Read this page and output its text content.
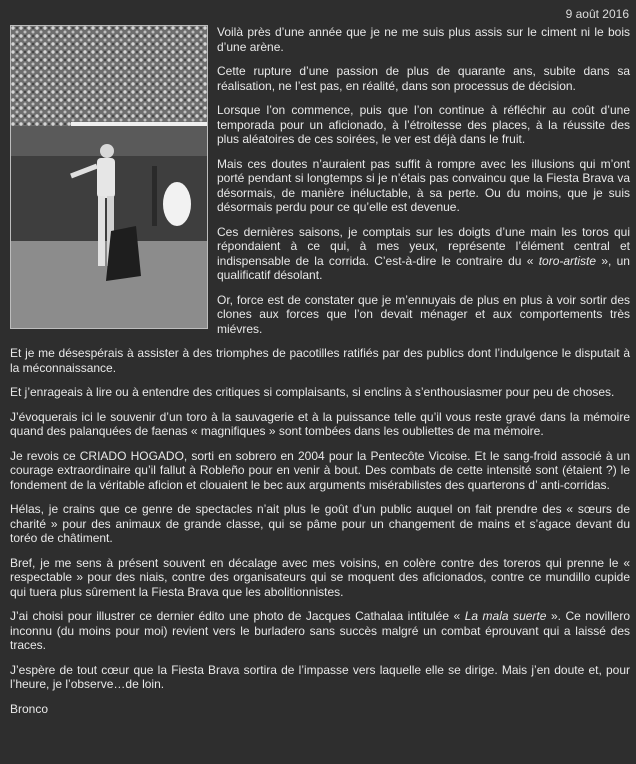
9 août 2016

Voilà près d’une année que je ne me suis plus assis sur le ciment ni le bois d’une arène.

Cette rupture d’une passion de plus de quarante ans, subite dans sa réalisation, ne l’est pas, en réalité, dans son processus de décision.

Lorsque l’on commence, puis que l’on continue à réfléchir au coût d’une temporada pour un aficionado, à l’étroitesse des places, à la réussite des plus aléatoires de ces soirées, le ver est déjà dans le fruit.

Mais ces doutes n’auraient pas suffit à rompre avec les illusions qui m’ont porté pendant si longtemps si je n’étais pas convaincu que la Fiesta Brava va désormais, de manière inéluctable, à sa perte. Ou du moins, que je suis désormais perdu pour ce qu’elle est devenue.

Ces dernières saisons, je comptais sur les doigts d’une main les toros qui répondaient à ce qui, à mes yeux, représente l’élément central et indispensable de la corrida. C’est-à-dire le contraire du « toro-artiste », un qualificatif désolant.

Or, force est de constater que je m’ennuyais de plus en plus à voir sortir des clones aux forces que l’on devait ménager et aux comportements très miévres.

Et je me désespérais à assister à des triomphes de pacotilles ratifiés par des publics dont l’indulgence le disputait à la méconnaissance.

Et j’enrageais à lire ou à entendre des critiques si complaisants, si enclins à s’enthousiasmer pour peu de choses.

J’évoquerais ici le souvenir d’un toro à la sauvagerie et à la puissance telle qu’il vous reste gravé dans la mémoire quand des palanquées de faenas « magnifiques » sont tombées dans les oubliettes de ma mémoire.

Je revois ce CRIADO HOGADO, sorti en sobrero en 2004 pour la Pentecôte Vicoise. Et le sang-froid associé à un courage extraordinaire qu’il fallut à Robleño pour en venir à bout. Des combats de cette intensité sont (étaient ?) le fondement de la véritable aficion et clouaient le bec aux arguments misérabilistes des quarterons d’ anti-corridas.

Hélas, je crains que ce genre de spectacles n’ait plus le goût d’un public auquel on fait prendre des « sœurs de charité » pour des animaux de grande classe, qui se pâme pour un changement de mains et s’agace devant du toréo de châtiment.

Bref, je me sens à présent souvent en décalage avec mes voisins, en colère contre des toreros qui prenne le « respectable » pour des niais, contre des organisateurs qui se moquent des aficionados, contre ce mundillo cupide qui tuera plus sûrement la Fiesta Brava que les abolitionnistes.

J’ai choisi pour illustrer ce dernier édito une photo de Jacques Cathalaa intitulée « La mala suerte ». Ce novillero inconnu (du moins pour moi) revient vers le burladero sans succès malgré un combat éprouvant qui a laissé des traces.

J’espère de tout cœur que la Fiesta Brava sortira de l’impasse vers laquelle elle se dirige. Mais j’en doute et, pour l’heure, je l’observe…de loin.

Bronco
